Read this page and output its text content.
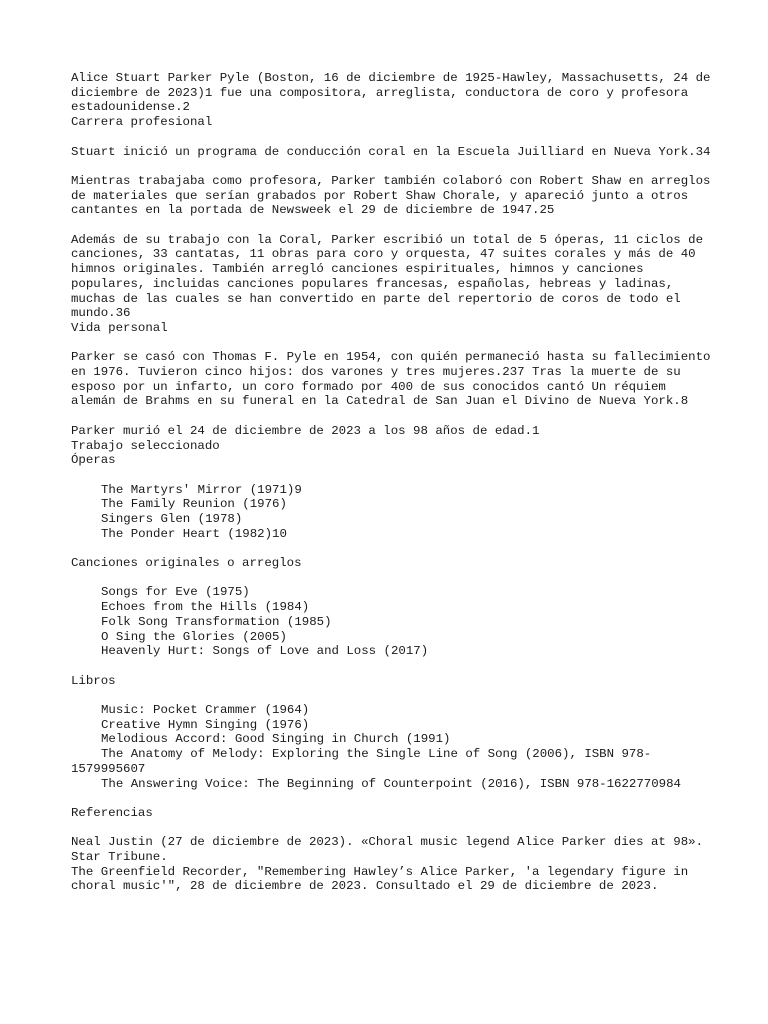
Alice Stuart Parker Pyle (Boston, 16 de diciembre de 1925-Hawley, Massachusetts, 24 de diciembre de 2023)1 fue una compositora, arreglista, conductora de coro y profesora estadounidense.2

Carrera profesional

Stuart inició un programa de conducción coral en la Escuela Juilliard en Nueva York.34

Mientras trabajaba como profesora, Parker también colaboró con Robert Shaw en arreglos de materiales que serían grabados por Robert Shaw Chorale, y apareció junto a otros cantantes en la portada de Newsweek el 29 de diciembre de 1947.25

Además de su trabajo con la Coral, Parker escribió un total de 5 óperas, 11 ciclos de canciones, 33 cantatas, 11 obras para coro y orquesta, 47 suites corales y más de 40 himnos originales. También arregló canciones espirituales, himnos y canciones populares, incluidas canciones populares francesas, españolas, hebreas y ladinas, muchas de las cuales se han convertido en parte del repertorio de coros de todo el mundo.36

Vida personal

Parker se casó con Thomas F. Pyle en 1954, con quién permaneció hasta su fallecimiento en 1976. Tuvieron cinco hijos: dos varones y tres mujeres.237 Tras la muerte de su esposo por un infarto, un coro formado por 400 de sus conocidos cantó Un réquiem alemán de Brahms en su funeral en la Catedral de San Juan el Divino de Nueva York.8

Parker murió el 24 de diciembre de 2023 a los 98 años de edad.1

Trabajo seleccionado

Óperas

The Martyrs' Mirror (1971)9

The Family Reunion (1976)

Singers Glen (1978)

The Ponder Heart (1982)10

Canciones originales o arreglos

Songs for Eve (1975)

Echoes from the Hills (1984)

Folk Song Transformation (1985)

O Sing the Glories (2005)

Heavenly Hurt: Songs of Love and Loss (2017)

Libros

Music: Pocket Crammer (1964)

Creative Hymn Singing (1976)

Melodious Accord: Good Singing in Church (1991)

The Anatomy of Melody: Exploring the Single Line of Song (2006), ISBN 978-1579995607

The Answering Voice: The Beginning of Counterpoint (2016), ISBN 978-1622770984

Referencias

Neal Justin (27 de diciembre de 2023). «Choral music legend Alice Parker dies at 98». Star Tribune.

The Greenfield Recorder, "Remembering Hawley’s Alice Parker, 'a legendary figure in choral music'", 28 de diciembre de 2023. Consultado el 29 de diciembre de 2023.
